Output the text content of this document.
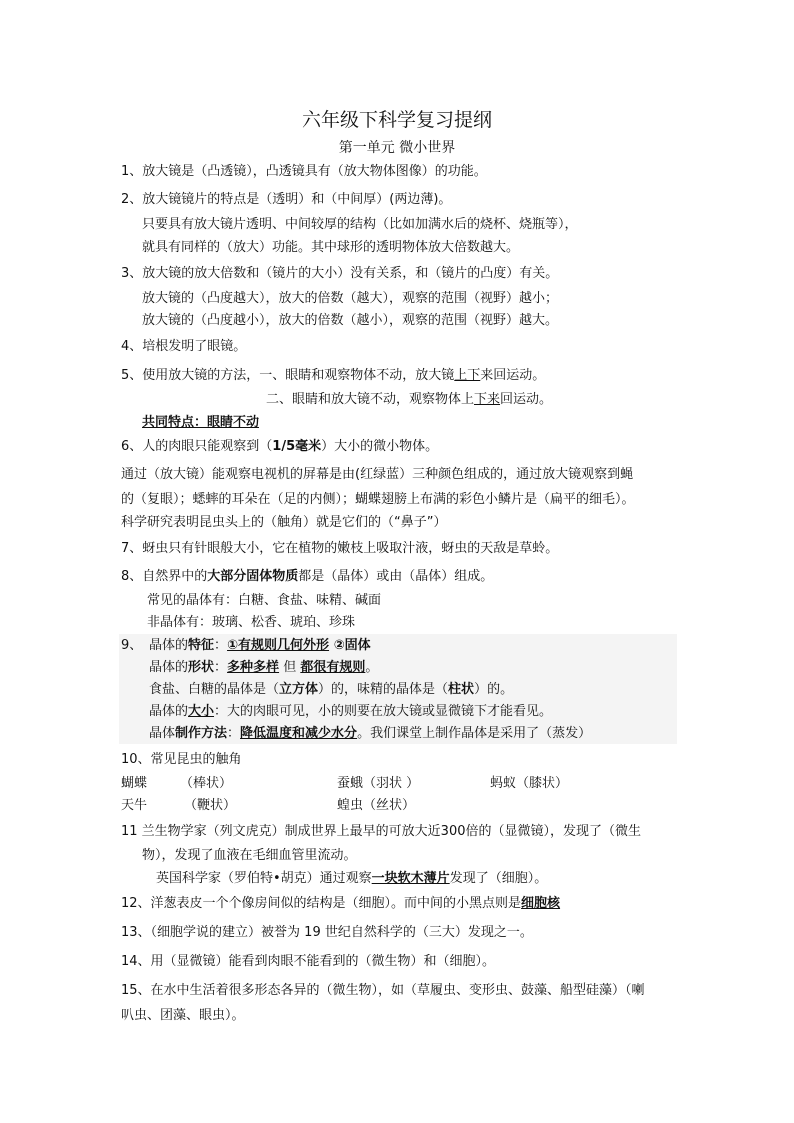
六年级下科学复习提纲
第一单元 微小世界
1、放大镜是（凸透镜），凸透镜具有（放大物体图像）的功能。
2、放大镜镜片的特点是（透明）和（中间厚）(两边薄)。
只要具有放大镜片透明、中间较厚的结构（比如加满水后的烧杯、烧瓶等），
就具有同样的（放大）功能。其中球形的透明物体放大倍数越大。
3、放大镜的放大倍数和（镜片的大小）没有关系，和（镜片的凸度）有关。
放大镜的（凸度越大），放大的倍数（越大），观察的范围（视野）越小；
放大镜的（凸度越小），放大的倍数（越小），观察的范围（视野）越大。
4、培根发明了眼镜。
5、使用放大镜的方法，一、眼睛和观察物体不动，放大镜上下来回运动。
二、眼睛和放大镜不动，观察物体上下来回运动。
共同特点：眼睛不动
6、人的肉眼只能观察到（1/5毫米）大小的微小物体。
通过（放大镜）能观察电视机的屏幕是由(红绿蓝）三种颜色组成的，通过放大镜观察到蝇
的（复眼）；蟋蟀的耳朵在（足的内侧）；蝴蝶翅膀上布满的彩色小鳞片是（扁平的细毛）。
科学研究表明昆虫头上的（触角）就是它们的（“鼻子”）
7、蚜虫只有针眼般大小，它在植物的嫩枝上吸取汁液，蚜虫的天敌是草蛉。
8、自然界中的大部分固体物质都是（晶体）或由（晶体）组成。
常见的晶体有：白糖、食盐、味精、碱面
非晶体有：玻璃、松香、琥珀、珍珠
9、 晶体的特征：①有规则几何外形 ②固体
晶体的形状：多种多样 但 都很有规则。
食盐、白糖的晶体是（立方体）的，味精的晶体是（柱状）的。
晶体的大小：大的肉眼可见，小的则要在放大镜或显微镜下才能看见。
晶体制作方法：降低温度和减少水分。我们课堂上制作晶体是采用了（蒸发）
10、常见昆虫的触角
蝴蝶	（棒状）	蚕蛾（羽状 ）	蚂蚁（膝状）
天牛	（鞭状）	蝗虫（丝状）
11 兰生物学家（列文虎克）制成世界上最早的可放大近300倍的（显微镜），发现了（微生
物），发现了血液在毛细血管里流动。
英国科学家（罗伯特•胡克）通过观察一块软木薄片发现了（细胞）。
12、洋葱表皮一个个像房间似的结构是（细胞）。而中间的小黑点则是细胞核
13、（细胞学说的建立）被誉为 19 世纪自然科学的（三大）发现之一。
14、用（显微镜）能看到肉眼不能看到的（微生物）和（细胞）。
15、在水中生活着很多形态各异的（微生物），如（草履虫、变形虫、鼓藻、船型硅藻）（喇
叭虫、团藻、眼虫）。
